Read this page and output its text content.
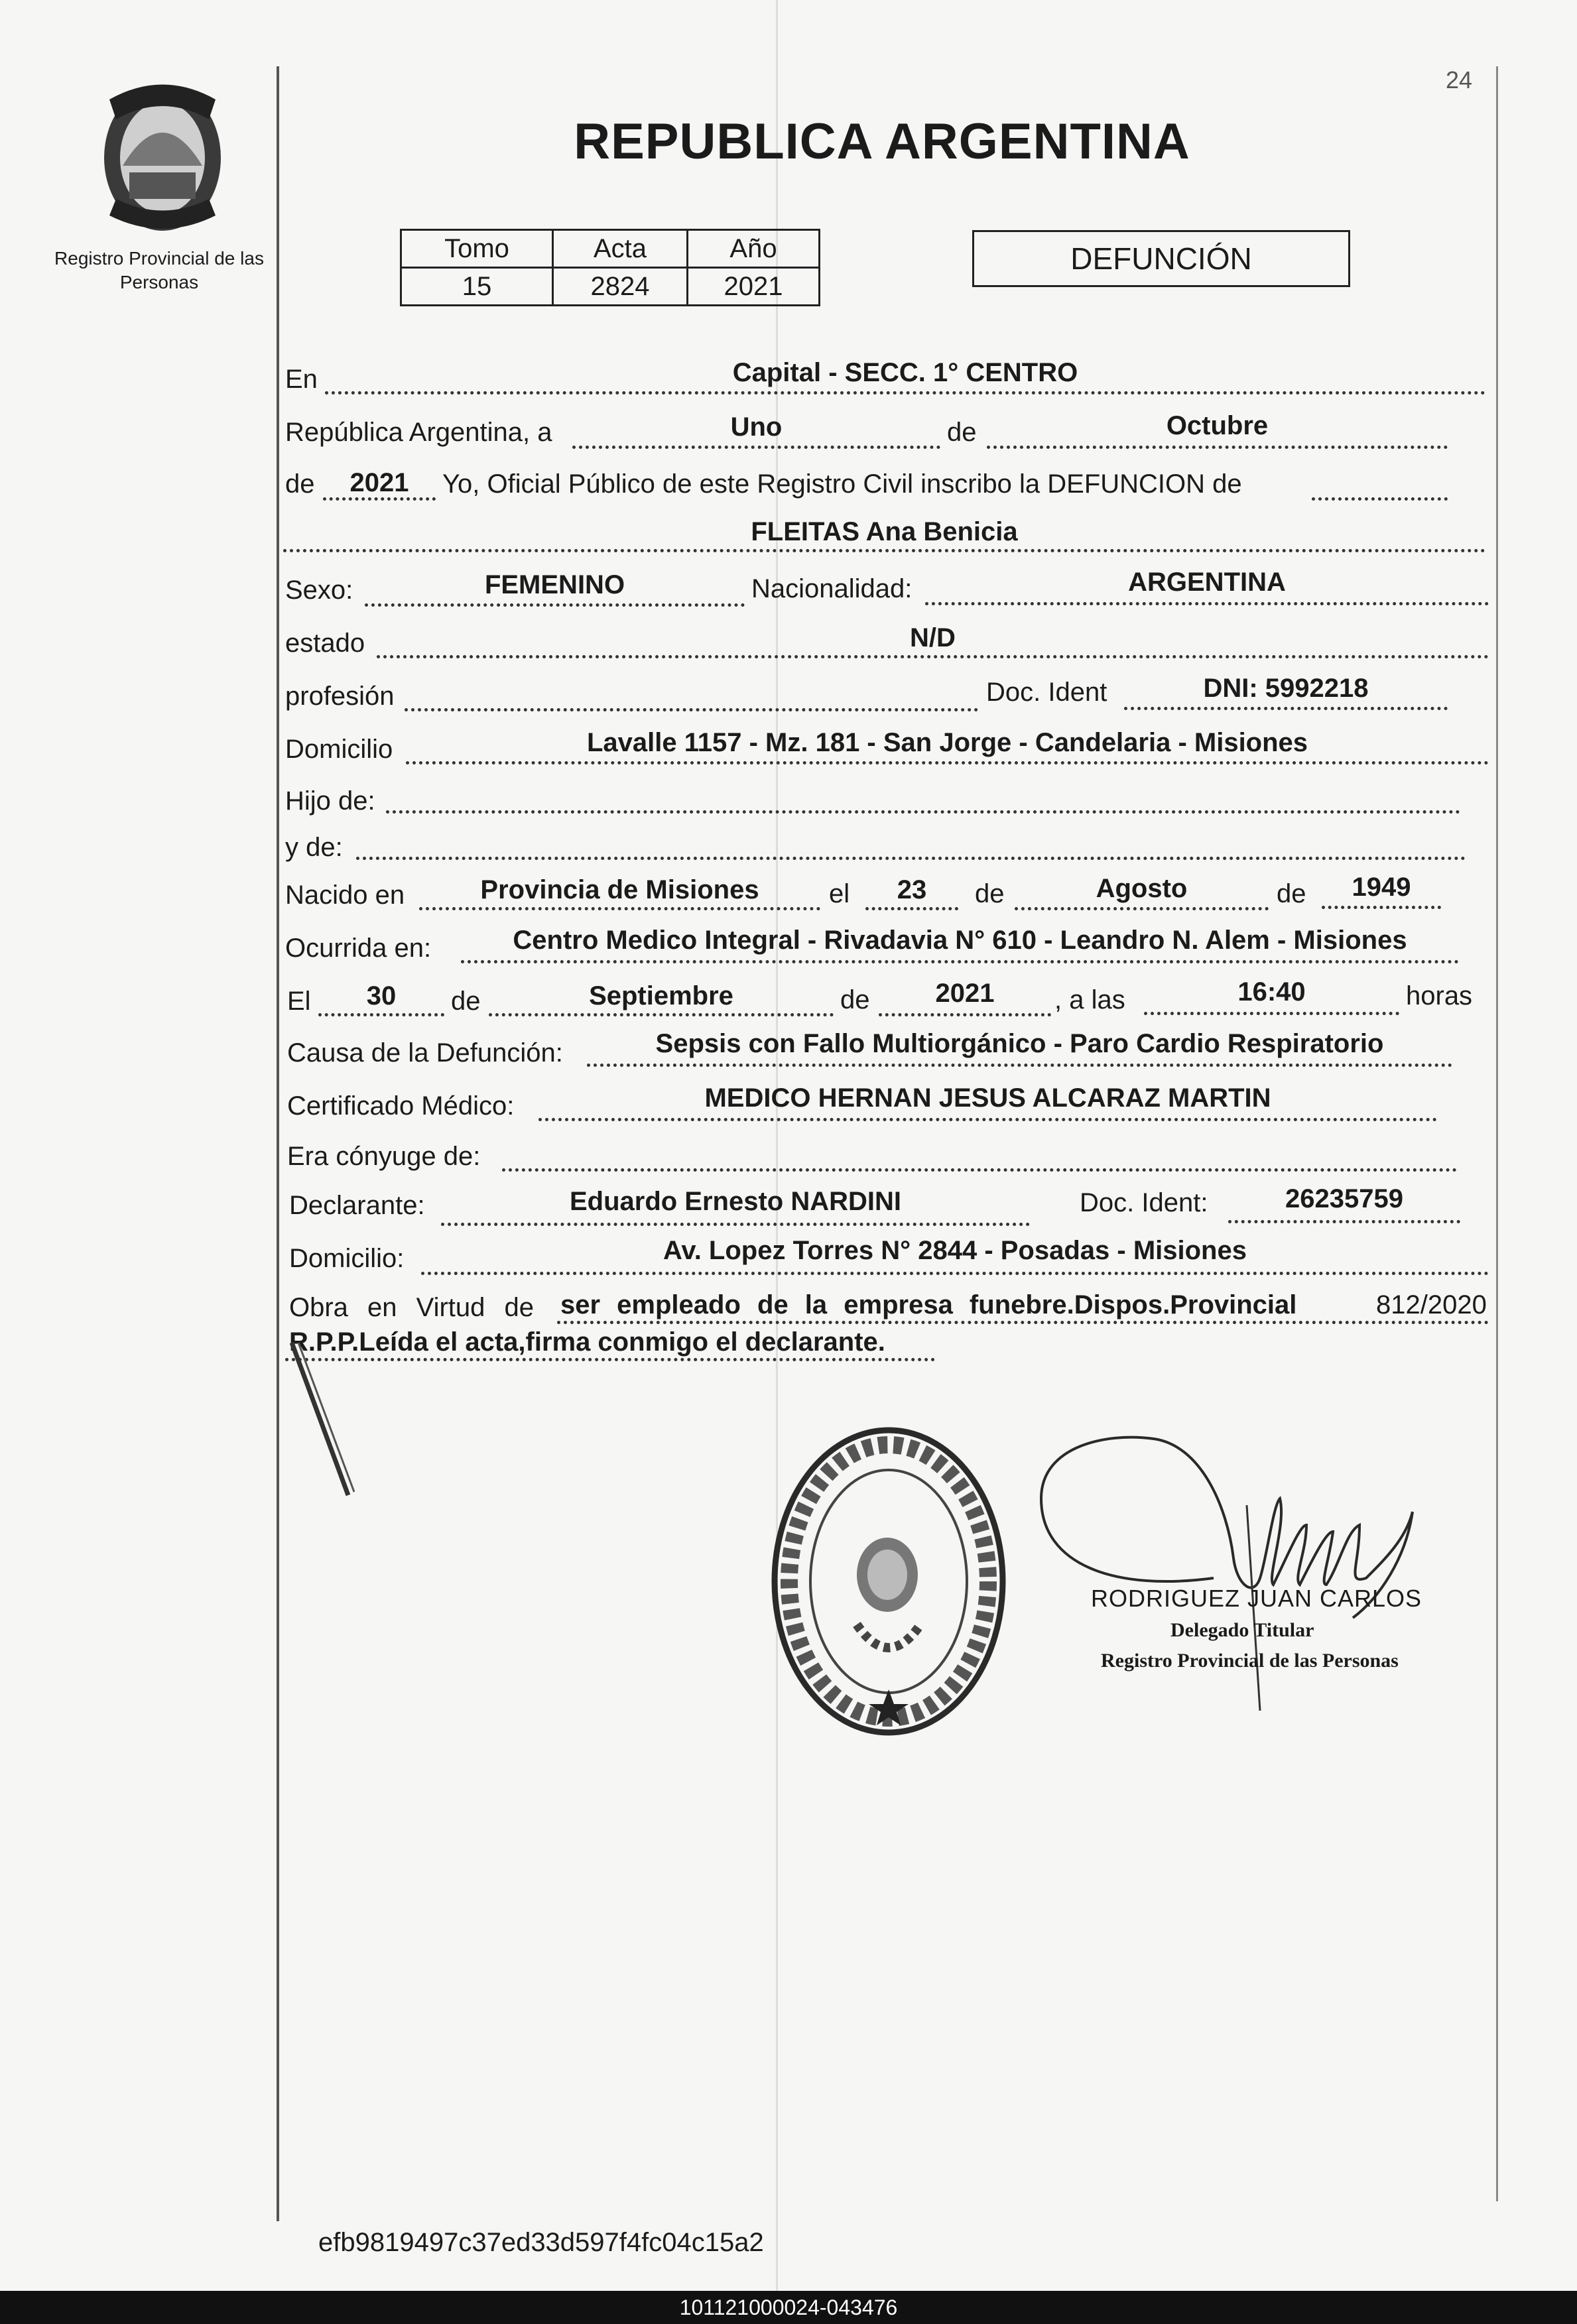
24
Registro Provincial de las Personas
REPUBLICA ARGENTINA
Tomo	Acta	Año
15	2824	2021
DEFUNCIÓN
En	Capital - SECC. 1° CENTRO
República Argentina, a	Uno	de	Octubre
de	2021	Yo, Oficial Público de este Registro Civil inscribo la DEFUNCION de
FLEITAS Ana Benicia
Sexo:	FEMENINO	Nacionalidad:	ARGENTINA
estado	N/D
profesión	Doc. Ident	DNI: 5992218
Domicilio	Lavalle 1157 - Mz. 181 - San Jorge - Candelaria - Misiones
Hijo de:
y de:
Nacido en	Provincia de Misiones	el	23	de	Agosto	de	1949
Ocurrida en:	Centro Medico Integral - Rivadavia N° 610 - Leandro N. Alem - Misiones
El	30	de	Septiembre	de	2021	, a las	16:40	horas
Causa de la Defunción:	Sepsis con Fallo Multiorgánico - Paro Cardio Respiratorio
Certificado Médico:	MEDICO HERNAN JESUS ALCARAZ MARTIN
Era cónyuge de:
Declarante:	Eduardo Ernesto NARDINI	Doc. Ident:	26235759
Domicilio:	Av. Lopez Torres N° 2844 - Posadas - Misiones
Obra en Virtud de ser empleado de la empresa funebre.Dispos.Provincial	812/2020
R.P.P.Leída el acta,firma conmigo el declarante.
RODRIGUEZ JUAN CARLOS
Delegado Titular
Registro Provincial de las Personas
efb9819497c37ed33d597f4fc04c15a2
101121000024-043476
